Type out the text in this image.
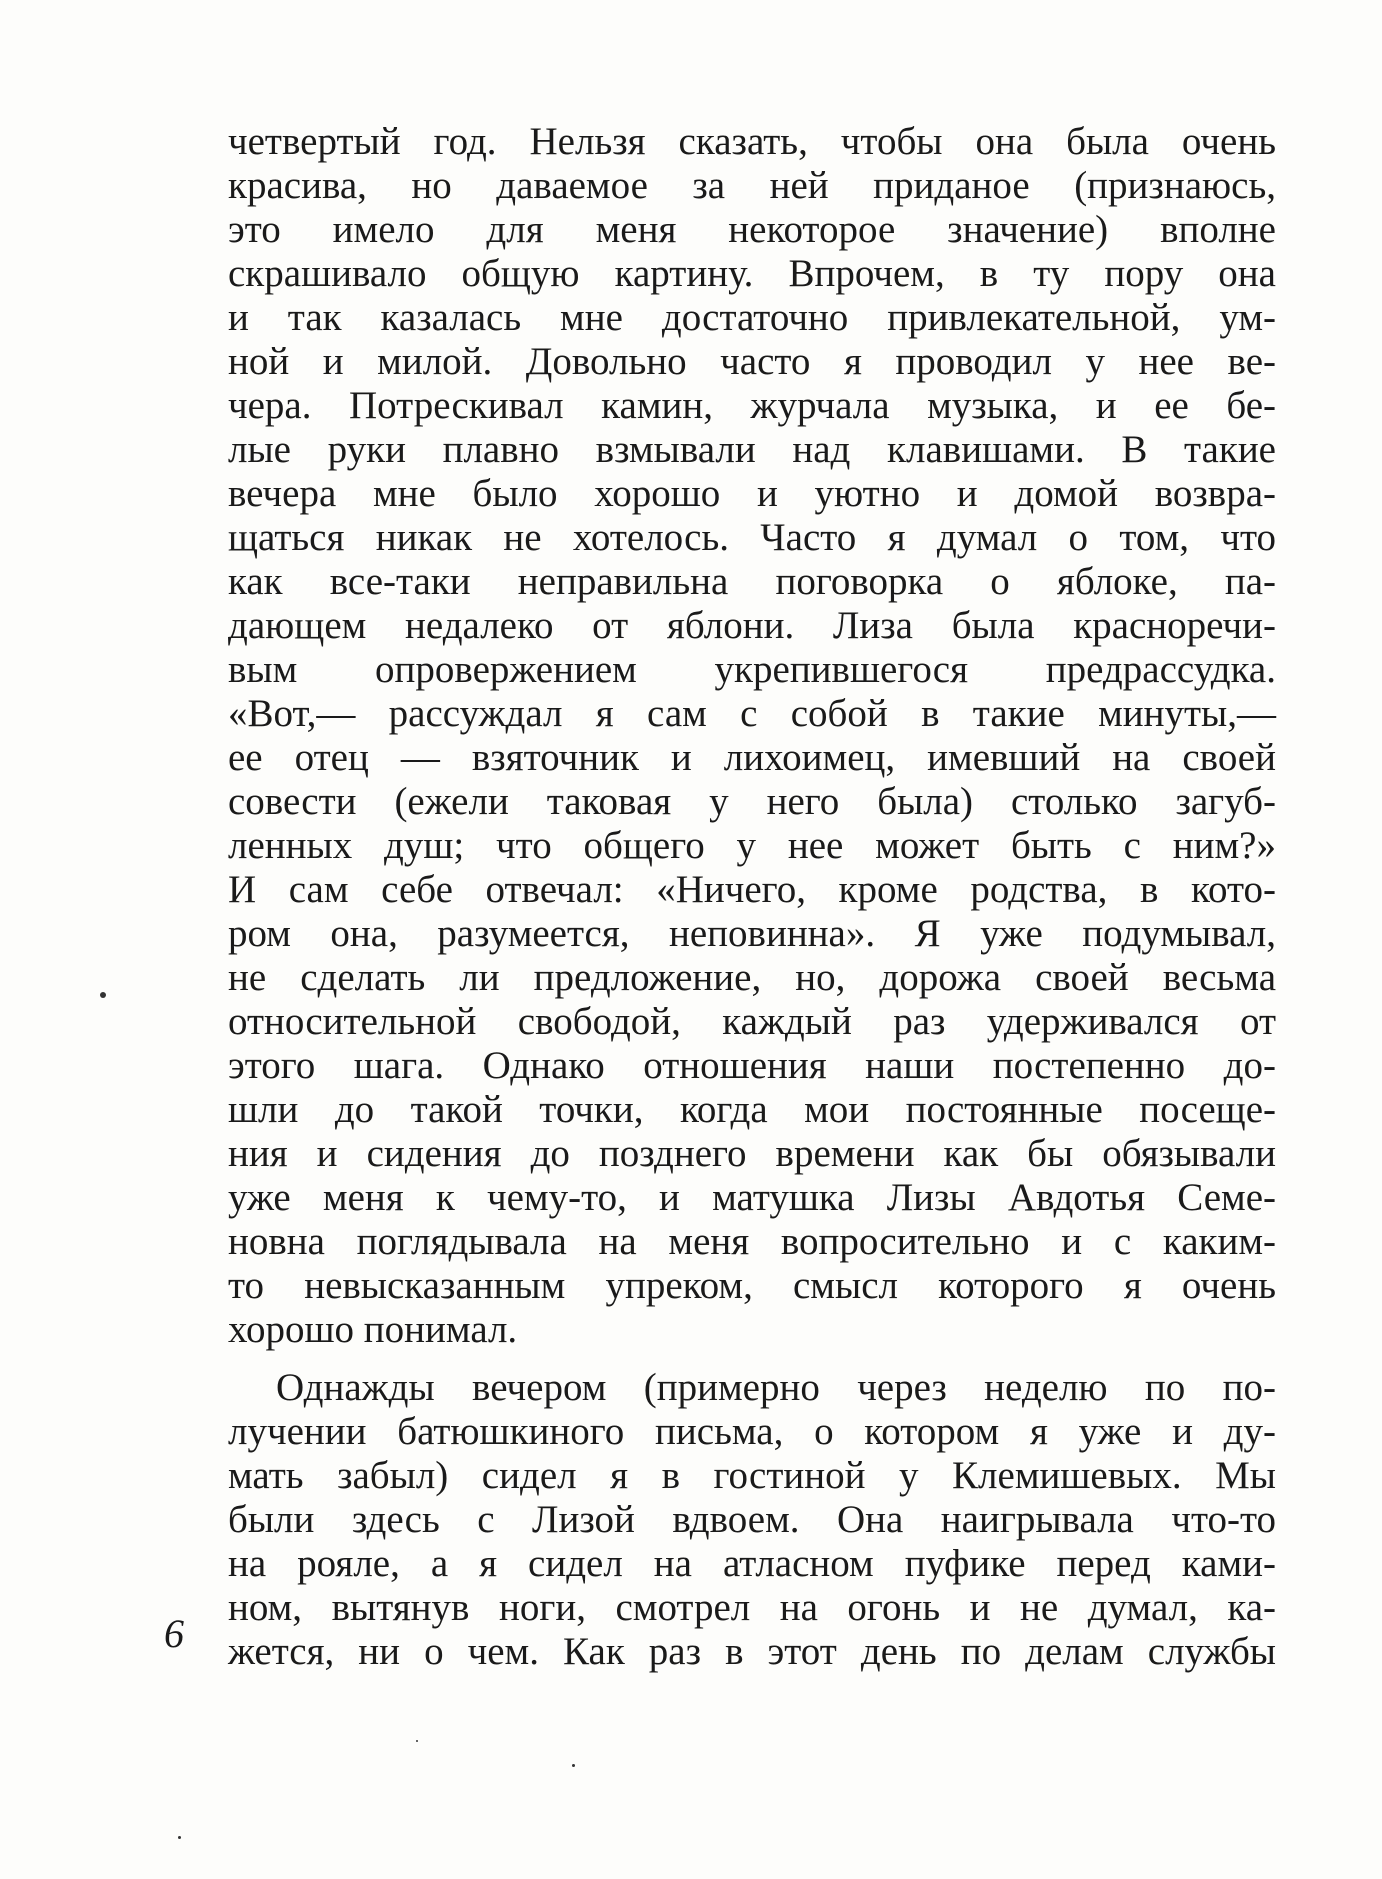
четвертый год. Нельзя сказать, чтобы она была очень
красива, но даваемое за ней приданое (признаюсь,
это имело для меня некоторое значение) вполне
скрашивало общую картину. Впрочем, в ту пору она
и так казалась мне достаточно привлекательной, ум-
ной и милой. Довольно часто я проводил у нее ве-
чера. Потрескивал камин, журчала музыка, и ее бе-
лые руки плавно взмывали над клавишами. В такие
вечера мне было хорошо и уютно и домой возвра-
щаться никак не хотелось. Часто я думал о том, что
как все-таки неправильна поговорка о яблоке, па-
дающем недалеко от яблони. Лиза была красноречи-
вым опровержением укрепившегося предрассудка.
«Вот,— рассуждал я сам с собой в такие минуты,—
ее отец — взяточник и лихоимец, имевший на своей
совести (ежели таковая у него была) столько загуб-
ленных душ; что общего у нее может быть с ним?»
И сам себе отвечал: «Ничего, кроме родства, в кото-
ром она, разумеется, неповинна». Я уже подумывал,
не сделать ли предложение, но, дорожа своей весьма
относительной свободой, каждый раз удерживался от
этого шага. Однако отношения наши постепенно до-
шли до такой точки, когда мои постоянные посеще-
ния и сидения до позднего времени как бы обязывали
уже меня к чему-то, и матушка Лизы Авдотья Семе-
новна поглядывала на меня вопросительно и с каким-
то невысказанным упреком, смысл которого я очень
хорошо понимал.
Однажды вечером (примерно через неделю по по-
лучении батюшкиного письма, о котором я уже и ду-
мать забыл) сидел я в гостиной у Клемишевых. Мы
были здесь с Лизой вдвоем. Она наигрывала что-то
на рояле, а я сидел на атласном пуфике перед ками-
ном, вытянув ноги, смотрел на огонь и не думал, ка-
жется, ни о чем. Как раз в этот день по делам службы
6
